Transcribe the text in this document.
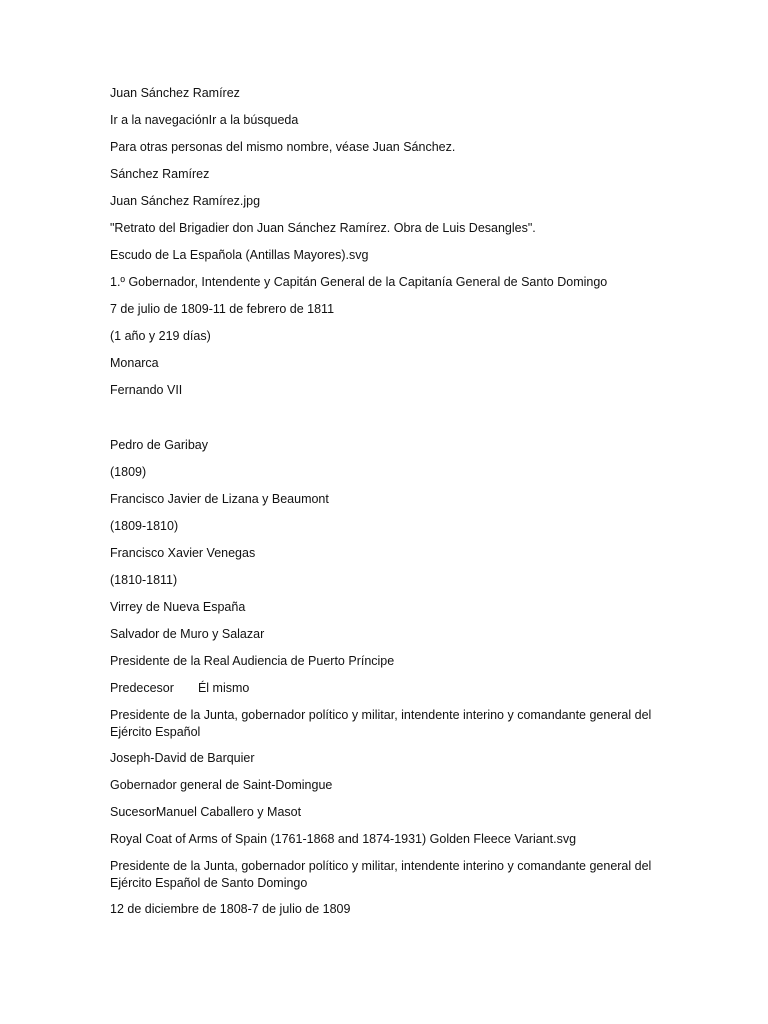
Juan Sánchez Ramírez

Ir a la navegaciónIr a la búsqueda

Para otras personas del mismo nombre, véase Juan Sánchez.

Sánchez Ramírez

Juan Sánchez Ramírez.jpg

"Retrato del Brigadier don Juan Sánchez Ramírez. Obra de Luis Desangles".

Escudo de La Española (Antillas Mayores).svg

1.º Gobernador, Intendente y Capitán General de la Capitanía General de Santo Domingo

7 de julio de 1809-11 de febrero de 1811

(1 año y 219 días)

Monarca

Fernando VII

Pedro de Garibay

(1809)

Francisco Javier de Lizana y Beaumont

(1809-1810)

Francisco Xavier Venegas

(1810-1811)

Virrey de Nueva España

Salvador de Muro y Salazar

Presidente de la Real Audiencia de Puerto Príncipe

Predecesor Él mismo

Presidente de la Junta, gobernador político y militar, intendente interino y comandante general del Ejército Español

Joseph-David de Barquier

Gobernador general de Saint-Domingue

SucesorManuel Caballero y Masot

Royal Coat of Arms of Spain (1761-1868 and 1874-1931) Golden Fleece Variant.svg

Presidente de la Junta, gobernador político y militar, intendente interino y comandante general del Ejército Español de Santo Domingo

12 de diciembre de 1808-7 de julio de 1809
